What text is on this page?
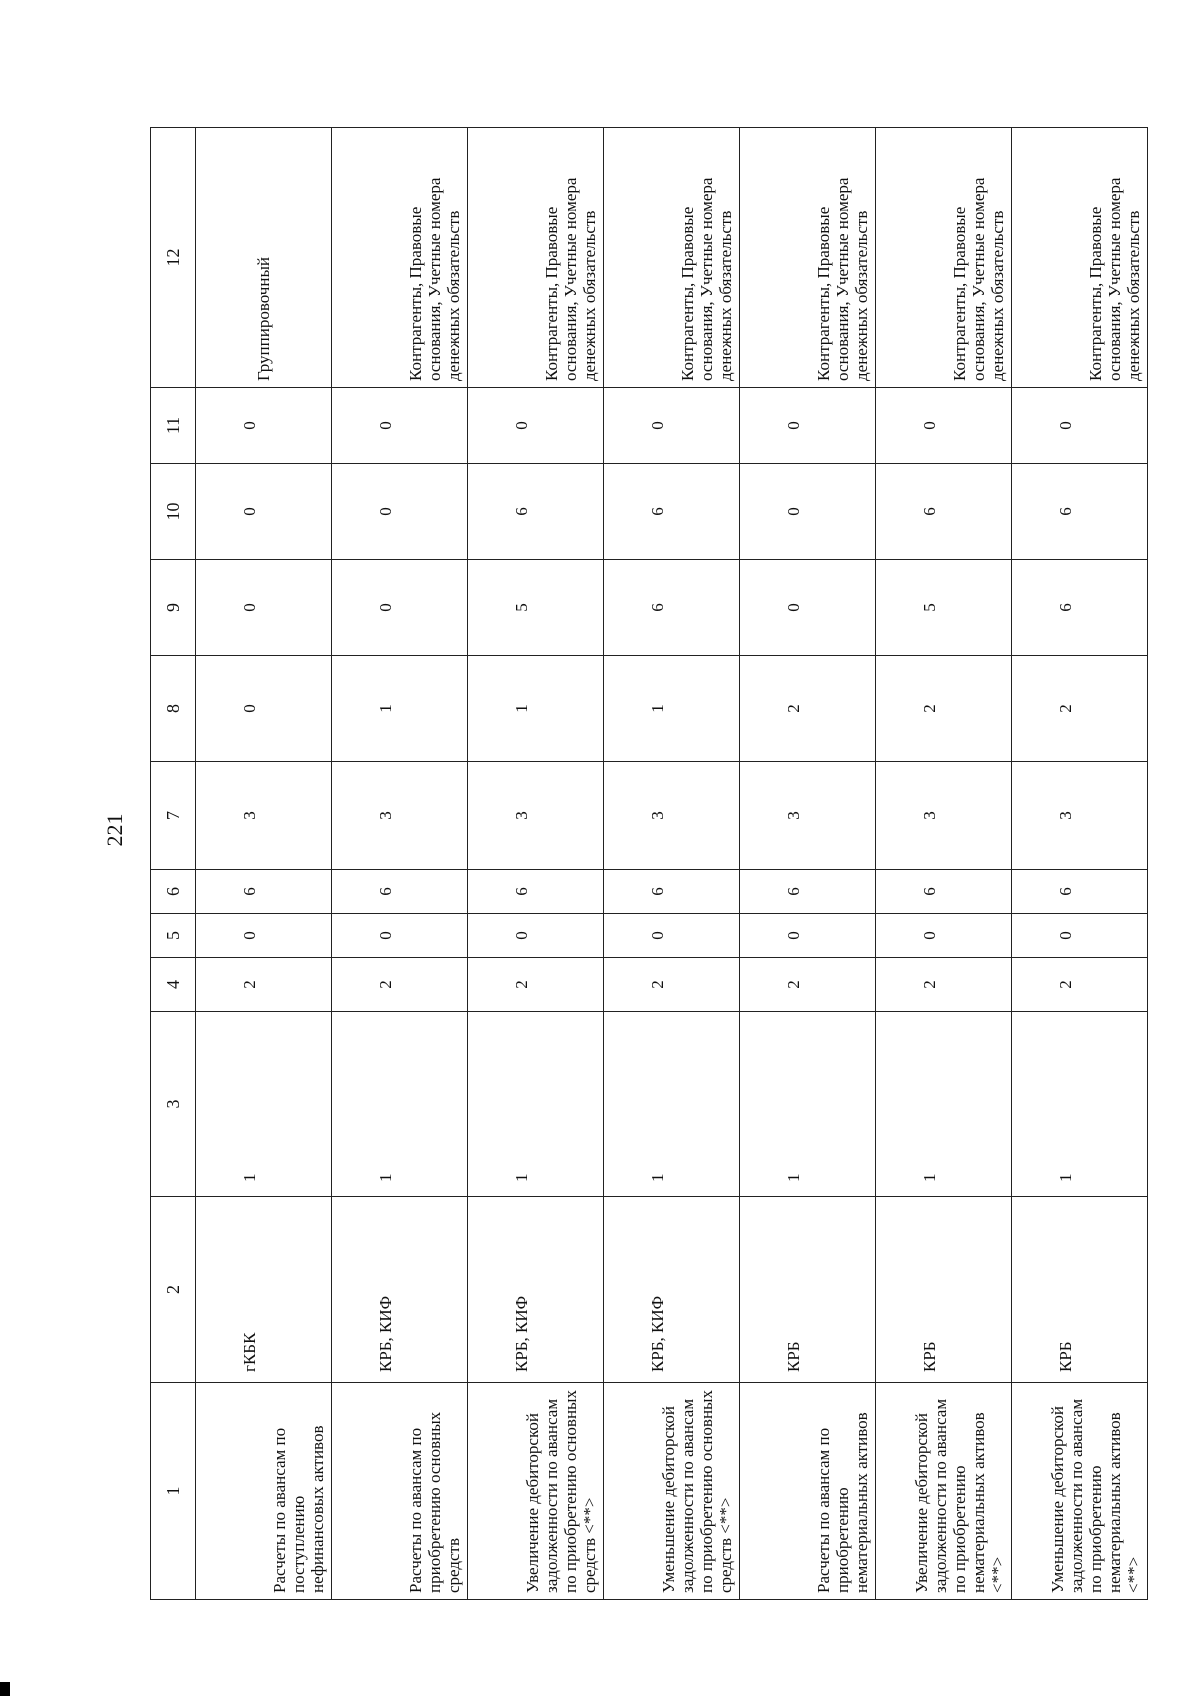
221
1	2	3	4	5	6	7	8	9	10	11	12
Расчеты по авансам по поступлению нефинансовых активов	гКБК	1	2	0	6	3	0	0	0	0	Группировочный
Расчеты по авансам по приобретению основных средств	КРБ, КИФ	1	2	0	6	3	1	0	0	0	Контрагенты, Правовые основания, Учетные номера денежных обязательств
Увеличение дебиторской задолженности по авансам по приобретению основных средств <**>	КРБ, КИФ	1	2	0	6	3	1	5	6	0	Контрагенты, Правовые основания, Учетные номера денежных обязательств
Уменьшение дебиторской задолженности по авансам по приобретению основных средств <**>	КРБ, КИФ	1	2	0	6	3	1	6	6	0	Контрагенты, Правовые основания, Учетные номера денежных обязательств
Расчеты по авансам по приобретению нематериальных активов	КРБ	1	2	0	6	3	2	0	0	0	Контрагенты, Правовые основания, Учетные номера денежных обязательств
Увеличение дебиторской задолженности по авансам по приобретению нематериальных активов <**>	КРБ	1	2	0	6	3	2	5	6	0	Контрагенты, Правовые основания, Учетные номера денежных обязательств
Уменьшение дебиторской задолженности по авансам по приобретению нематериальных активов <**>	КРБ	1	2	0	6	3	2	6	6	0	Контрагенты, Правовые основания, Учетные номера денежных обязательств
